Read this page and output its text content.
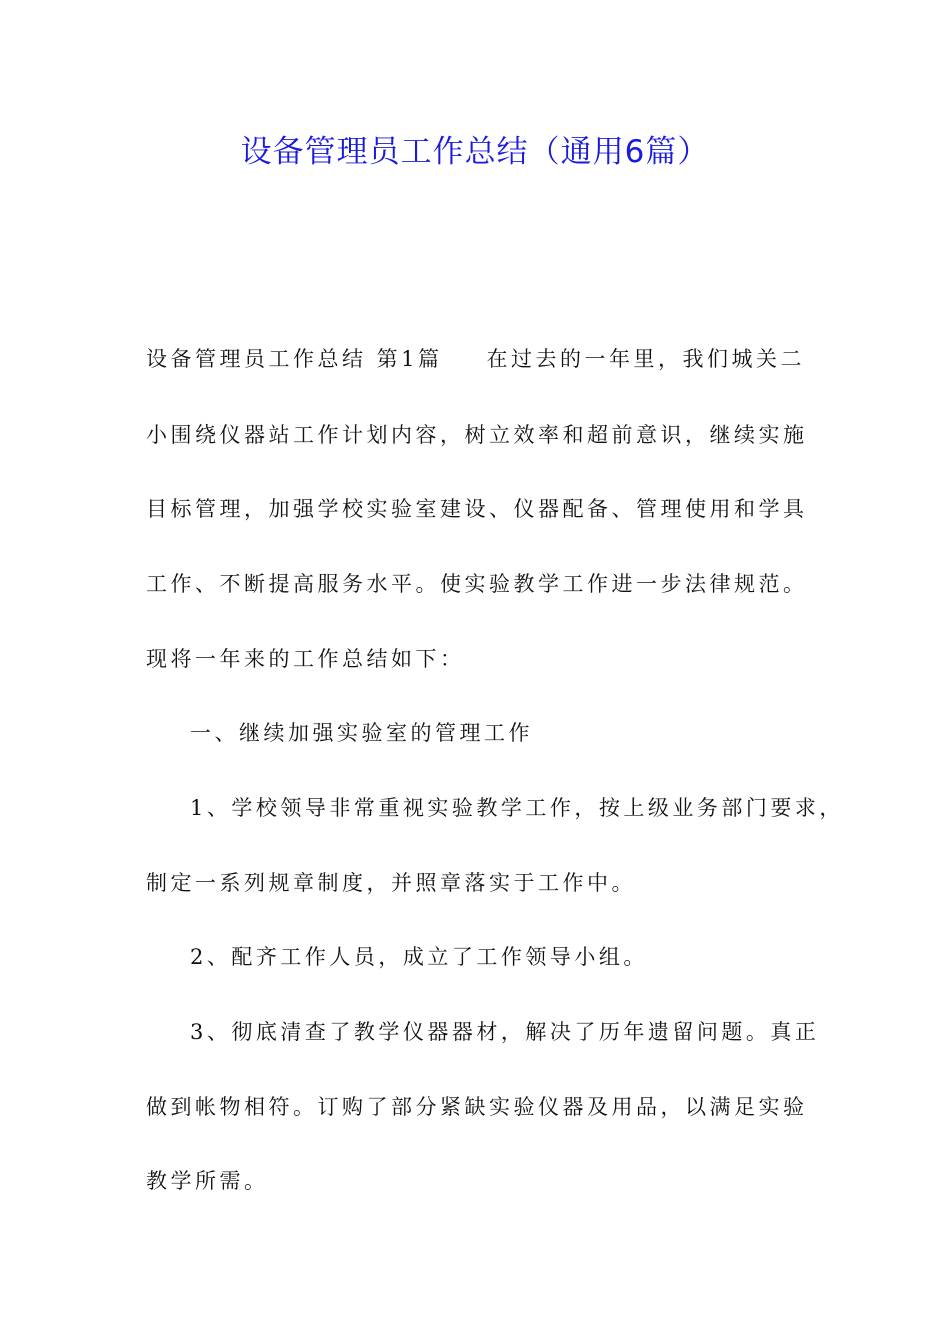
设备管理员工作总结（通用6篇）
设备管理员工作总结 第1篇 在过去的一年里，我们城关二
小围绕仪器站工作计划内容，树立效率和超前意识，继续实施
目标管理，加强学校实验室建设、仪器配备、管理使用和学具
工作、不断提高服务水平。使实验教学工作进一步法律规范。
现将一年来的工作总结如下：
一、继续加强实验室的管理工作
1、学校领导非常重视实验教学工作，按上级业务部门要求，
制定一系列规章制度，并照章落实于工作中。
2、配齐工作人员，成立了工作领导小组。
3、彻底清查了教学仪器器材，解决了历年遗留问题。真正
做到帐物相符。订购了部分紧缺实验仪器及用品，以满足实验
教学所需。
